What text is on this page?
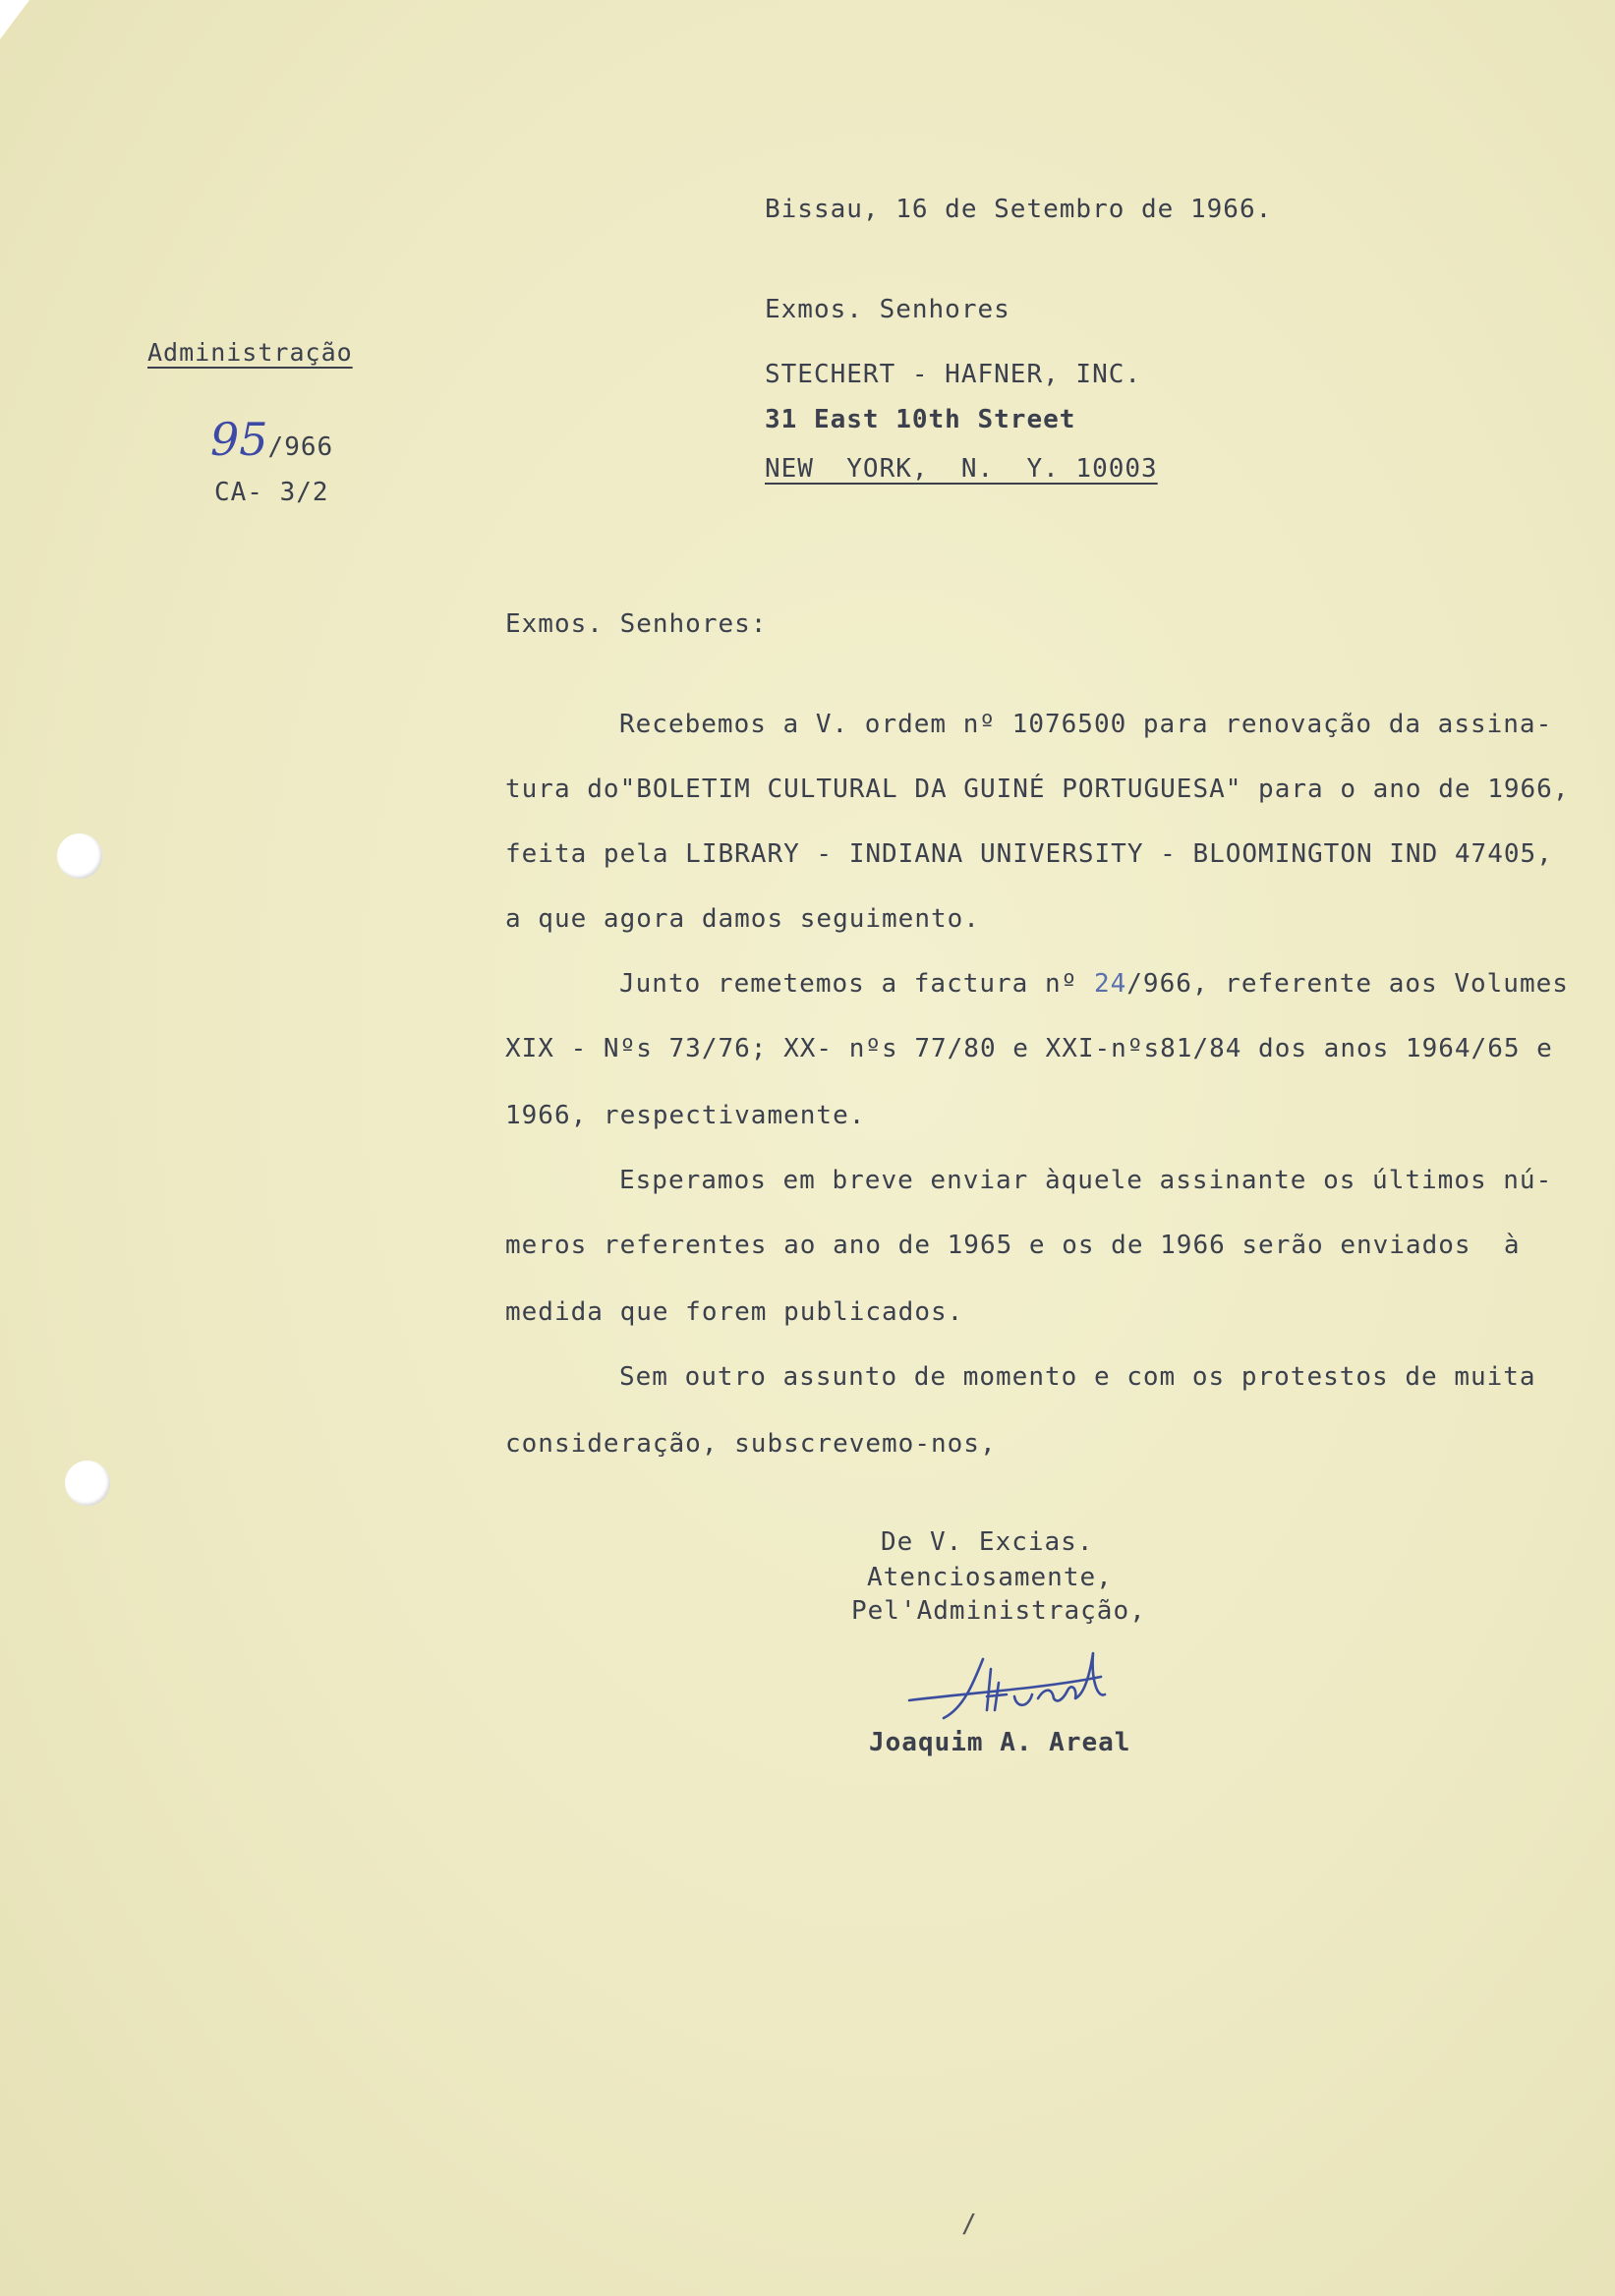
Bissau, 16 de Setembro de 1966.
Administração
95/966
CA- 3/2
Exmos. Senhores
STECHERT - HAFNER, INC.
31 East 10th Street
NEW  YORK,  N.  Y. 10003
Exmos. Senhores:
Recebemos a V. ordem nº 1076500 para renovação da assina-
tura do"BOLETIM CULTURAL DA GUINÉ PORTUGUESA" para o ano de 1966,
feita pela LIBRARY - INDIANA UNIVERSITY - BLOOMINGTON IND 47405,
a que agora damos seguimento.
Junto remetemos a factura nº 24/966, referente aos Volumes
XIX - Nºs 73/76; XX- nºs 77/80 e XXI-nºs81/84 dos anos 1964/65 e
1966, respectivamente.
Esperamos em breve enviar àquele assinante os últimos nú-
meros referentes ao ano de 1965 e os de 1966 serão enviados  à
medida que forem publicados.
Sem outro assunto de momento e com os protestos de muita
consideração, subscrevemo-nos,
De V. Excias.
Atenciosamente,
Pel'Administração,
Joaquim A. Areal
/
